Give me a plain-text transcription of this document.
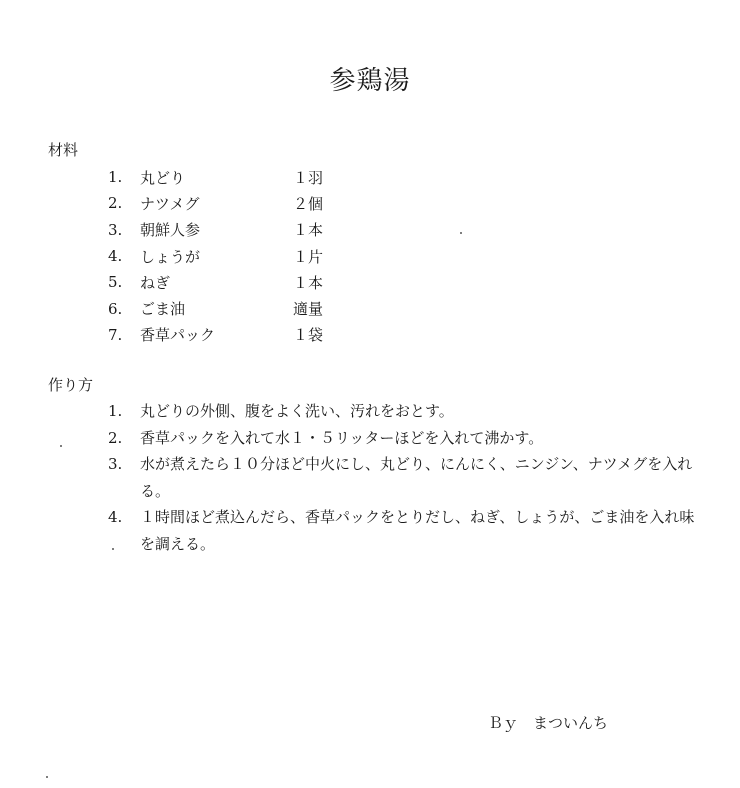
参鶏湯
材料
1.	丸どり	１羽
2.	ナツメグ	２個
3.	朝鮮人参	１本
4.	しょうが	１片
5.	ねぎ	１本
6.	ごま油	適量
7.	香草パック	１袋
作り方
1.	丸どりの外側、腹をよく洗い、汚れをおとす。
2.	香草パックを入れて水１・５リッターほどを入れて沸かす。
3.	水が煮えたら１０分ほど中火にし、丸どり、にんにく、ニンジン、ナツメグを入れる。
4.	１時間ほど煮込んだら、香草パックをとりだし、ねぎ、しょうが、ごま油を入れ味を調える。
Ｂｙ　まついんち
